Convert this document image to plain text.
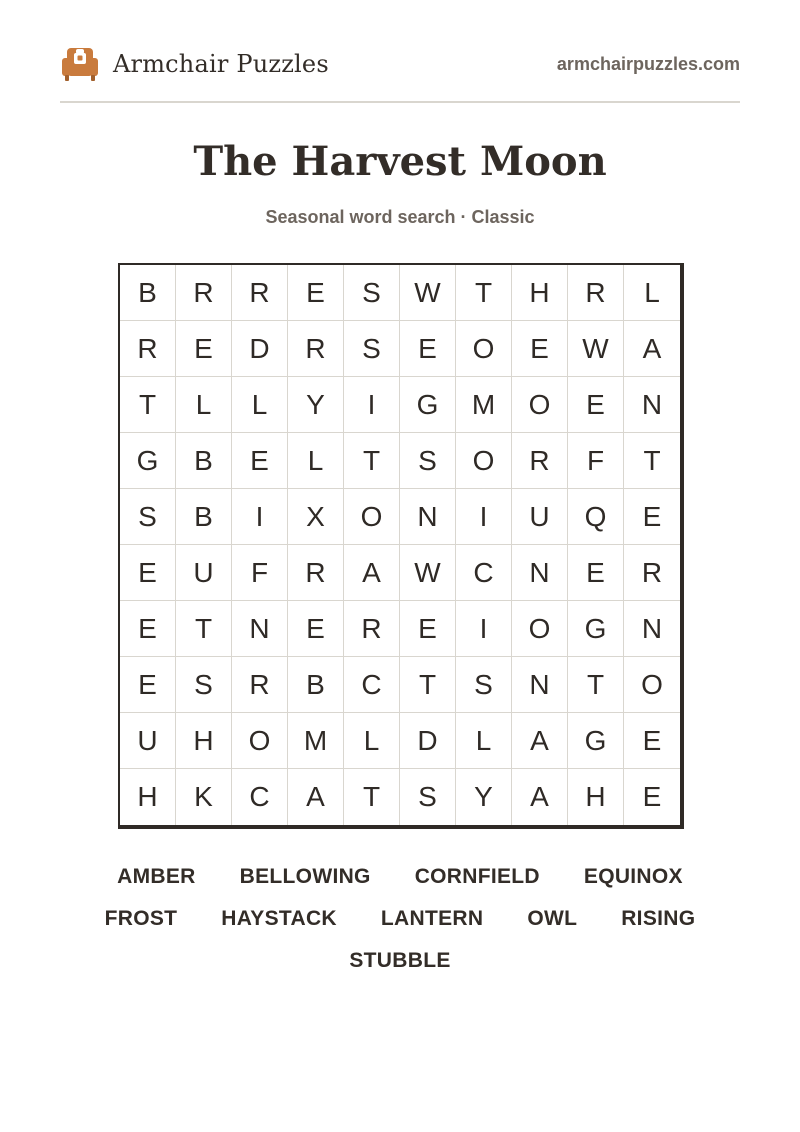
Armchair Puzzles	armchairpuzzles.com
The Harvest Moon
Seasonal word search · Classic
B	R	R	E	S	W	T	H	R	L
R	E	D	R	S	E	O	E	W	A
T	L	L	Y	I	G	M	O	E	N
G	B	E	L	T	S	O	R	F	T
S	B	I	X	O	N	I	U	Q	E
E	U	F	R	A	W	C	N	E	R
E	T	N	E	R	E	I	O	G	N
E	S	R	B	C	T	S	N	T	O
U	H	O	M	L	D	L	A	G	E
H	K	C	A	T	S	Y	A	H	E
AMBER BELLOWING CORNFIELD EQUINOX
FROST HAYSTACK LANTERN OWL RISING
STUBBLE
